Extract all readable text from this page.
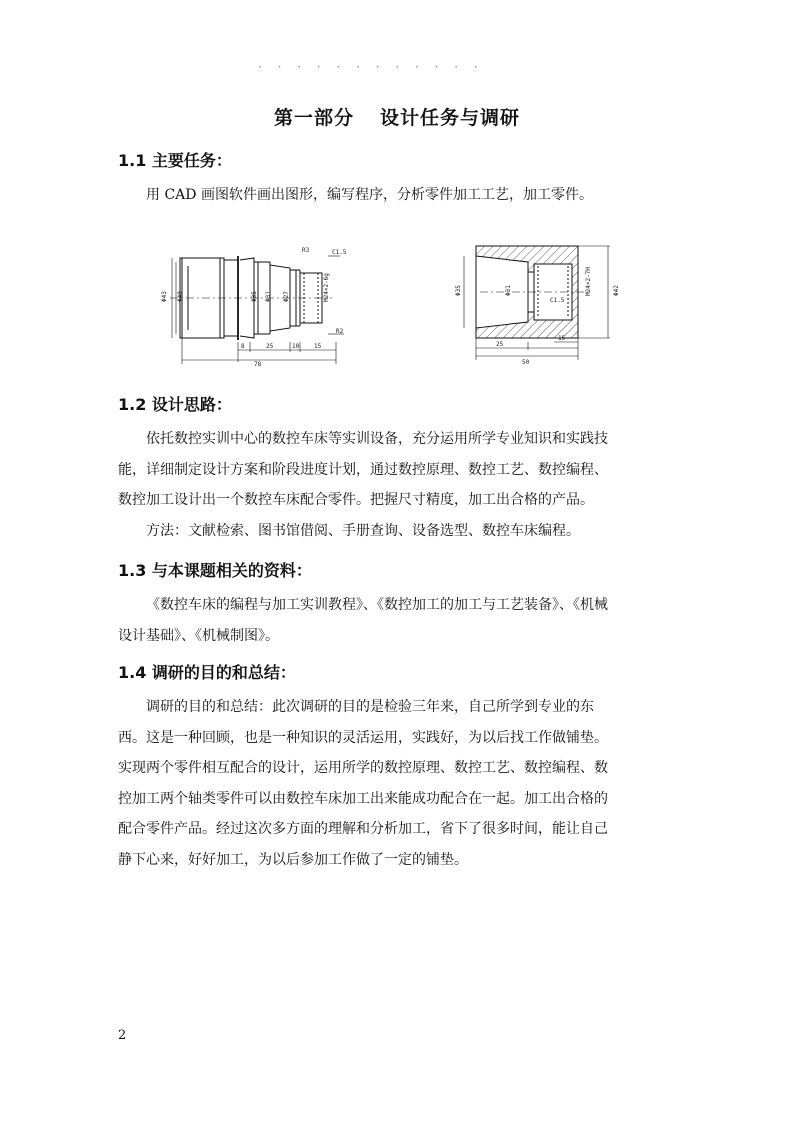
· · · · · · · · · · · ·
第一部分 设计任务与调研
1.1 主要任务：

用 CAD 画图软件画出图形，编写程序，分析零件加工工艺，加工零件。

Φ43 Φ40	Φ35 Φ31 Φ27	M24×2-6g
C1.5
R3
R2
8	25	10 15
78
Φ35	Φ31	M24×2-7H	Φ42
C1.5
25
15
50
1.2 设计思路：

依托数控实训中心的数控车床等实训设备，充分运用所学专业知识和实践技
能，详细制定设计方案和阶段进度计划，通过数控原理、数控工艺、数控编程、
数控加工设计出一个数控车床配合零件。把握尺寸精度，加工出合格的产品。
方法：文献检索、图书馆借阅、手册查询、设备选型、数控车床编程。

1.3 与本课题相关的资料：

《数控车床的编程与加工实训教程》、《数控加工的加工与工艺装备》、《机械
设计基础》、《机械制图》。

1.4 调研的目的和总结：

调研的目的和总结：此次调研的目的是检验三年来，自己所学到专业的东
西。这是一种回顾，也是一种知识的灵活运用，实践好，为以后找工作做铺垫。
实现两个零件相互配合的设计，运用所学的数控原理、数控工艺、数控编程、数
控加工两个轴类零件可以由数控车床加工出来能成功配合在一起。加工出合格的
配合零件产品。经过这次多方面的理解和分析加工，省下了很多时间，能让自己
静下心来，好好加工，为以后参加工作做了一定的铺垫。

2
